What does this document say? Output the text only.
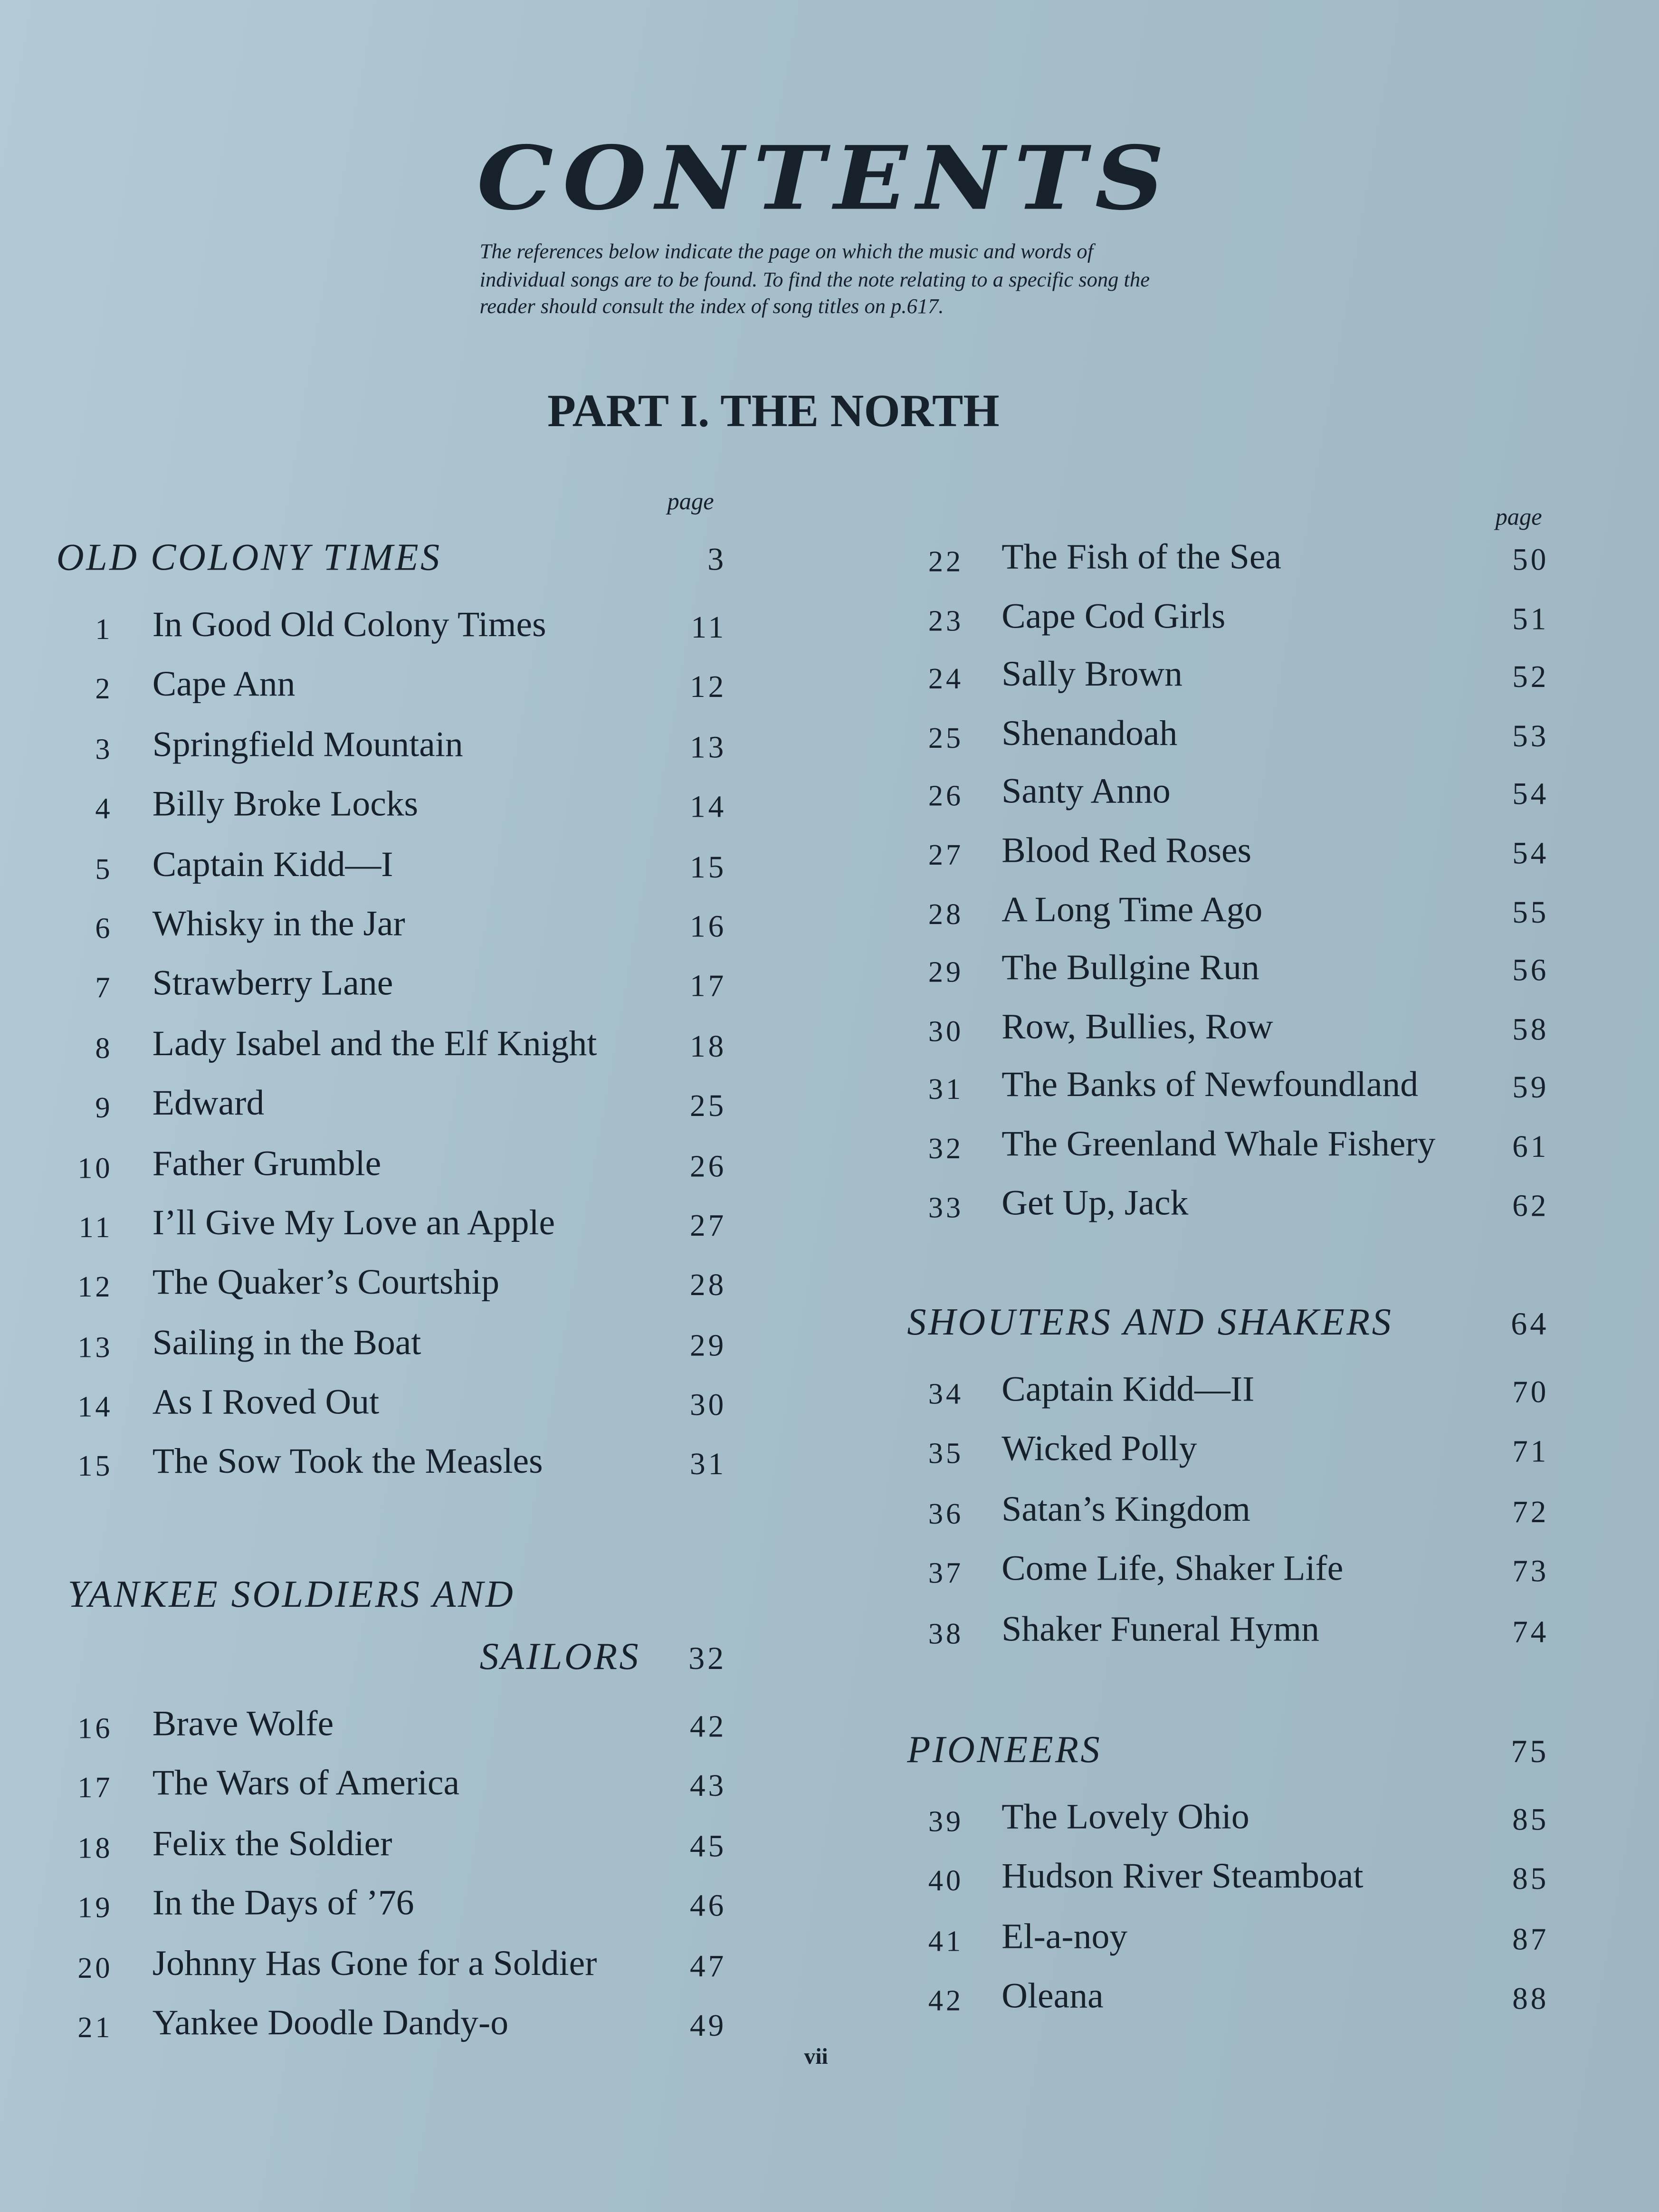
CONTENTS
The references below indicate the page on which the music and words of individual songs are to be found. To find the note relating to a specific song the reader should consult the index of song titles on p.617.
PART I. THE NORTH
page
page
OLD COLONY TIMES	3
1	In Good Old Colony Times	11
2	Cape Ann	12
3	Springfield Mountain	13
4	Billy Broke Locks	14
5	Captain Kidd—I	15
6	Whisky in the Jar	16
7	Strawberry Lane	17
8	Lady Isabel and the Elf Knight	18
9	Edward	25
10	Father Grumble	26
11	I’ll Give My Love an Apple	27
12	The Quaker’s Courtship	28
13	Sailing in the Boat	29
14	As I Roved Out	30
15	The Sow Took the Measles	31
YANKEE SOLDIERS AND
SAILORS	32
16	Brave Wolfe	42
17	The Wars of America	43
18	Felix the Soldier	45
19	In the Days of ’76	46
20	Johnny Has Gone for a Soldier	47
21	Yankee Doodle Dandy-o	49
22	The Fish of the Sea	50
23	Cape Cod Girls	51
24	Sally Brown	52
25	Shenandoah	53
26	Santy Anno	54
27	Blood Red Roses	54
28	A Long Time Ago	55
29	The Bullgine Run	56
30	Row, Bullies, Row	58
31	The Banks of Newfoundland	59
32	The Greenland Whale Fishery	61
33	Get Up, Jack	62
SHOUTERS AND SHAKERS	64
34	Captain Kidd—II	70
35	Wicked Polly	71
36	Satan’s Kingdom	72
37	Come Life, Shaker Life	73
38	Shaker Funeral Hymn	74
PIONEERS	75
39	The Lovely Ohio	85
40	Hudson River Steamboat	85
41	El-a-noy	87
42	Oleana	88
vii
